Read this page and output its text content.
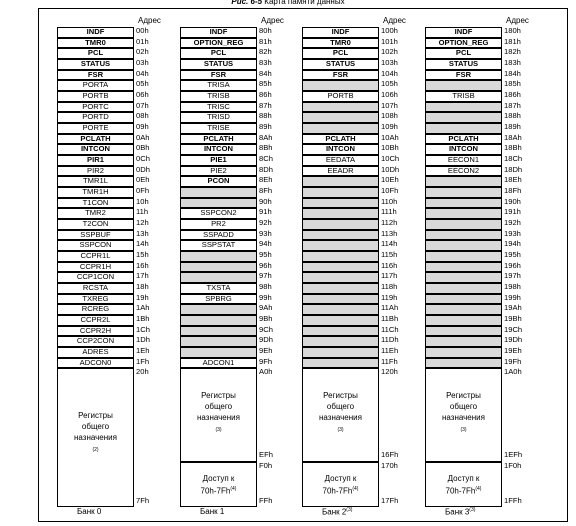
Рис. 6-5 Карта памяти данных
Адрес
INDF	00h
TMR0	01h
PCL	02h
STATUS	03h
FSR	04h
PORTA	05h
PORTB	06h
PORTC	07h
PORTD	08h
PORTE	09h
PCLATH	0Ah
INTCON	0Bh
PIR1	0Ch
PIR2	0Dh
TMR1L	0Eh
TMR1H	0Fh
T1CON	10h
TMR2	11h
T2CON	12h
SSPBUF	13h
SSPCON	14h
CCPR1L	15h
CCPR1H	16h
CCP1CON	17h
RCSTA	18h
TXREG	19h
RCREG	1Ah
CCPR2L	1Bh
CCPR2H	1Ch
CCP2CON	1Dh
ADRES	1Eh
ADCON0	1Fh
Регистры
общего
назначения
(2)
20h
7Fh
Банк 0
Адрес
INDF	80h
OPTION_REG	81h
PCL	82h
STATUS	83h
FSR	84h
TRISA	85h
TRISB	86h
TRISC	87h
TRISD	88h
TRISE	89h
PCLATH	8Ah
INTCON	8Bh
PIE1	8Ch
PIE2	8Dh
PCON	8Eh
8Fh
90h
SSPCON2	91h
PR2	92h
SSPADD	93h
SSPSTAT	94h
95h
96h
97h
TXSTA	98h
SPBRG	99h
9Ah
9Bh
9Ch
9Dh
9Eh
ADCON1	9Fh
Регистры
общего
назначения
(3)
A0h
FFh
EFh
F0h
Доступ к
70h-7Fh$^{(4)}$
Банк 1
Адрес
INDF	100h
TMR0	101h
PCL	102h
STATUS	103h
FSR	104h
105h
PORTB	106h
107h
108h
109h
PCLATH	10Ah
INTCON	10Bh
EEDATA	10Ch
EEADR	10Dh
10Eh
10Fh
110h
111h
112h
113h
114h
115h
116h
117h
118h
119h
11Ah
11Bh
11Ch
11Dh
11Eh
11Fh
Регистры
общего
назначения
(3)
120h
17Fh
16Fh
170h
Доступ к
70h-7Fh$^{(4)}$
Банк 2$^{(3)}$
Адрес
INDF	180h
OPTION_REG	181h
PCL	182h
STATUS	183h
FSR	184h
185h
TRISB	186h
187h
188h
189h
PCLATH	18Ah
INTCON	18Bh
EECON1	18Ch
EECON2	18Dh
18Eh
18Fh
190h
191h
192h
193h
194h
195h
196h
197h
198h
199h
19Ah
19Bh
19Ch
19Dh
19Eh
19Fh
Регистры
общего
назначения
(3)
1A0h
1FFh
1EFh
1F0h
Доступ к
70h-7Fh$^{(4)}$
Банк 3$^{(3)}$
